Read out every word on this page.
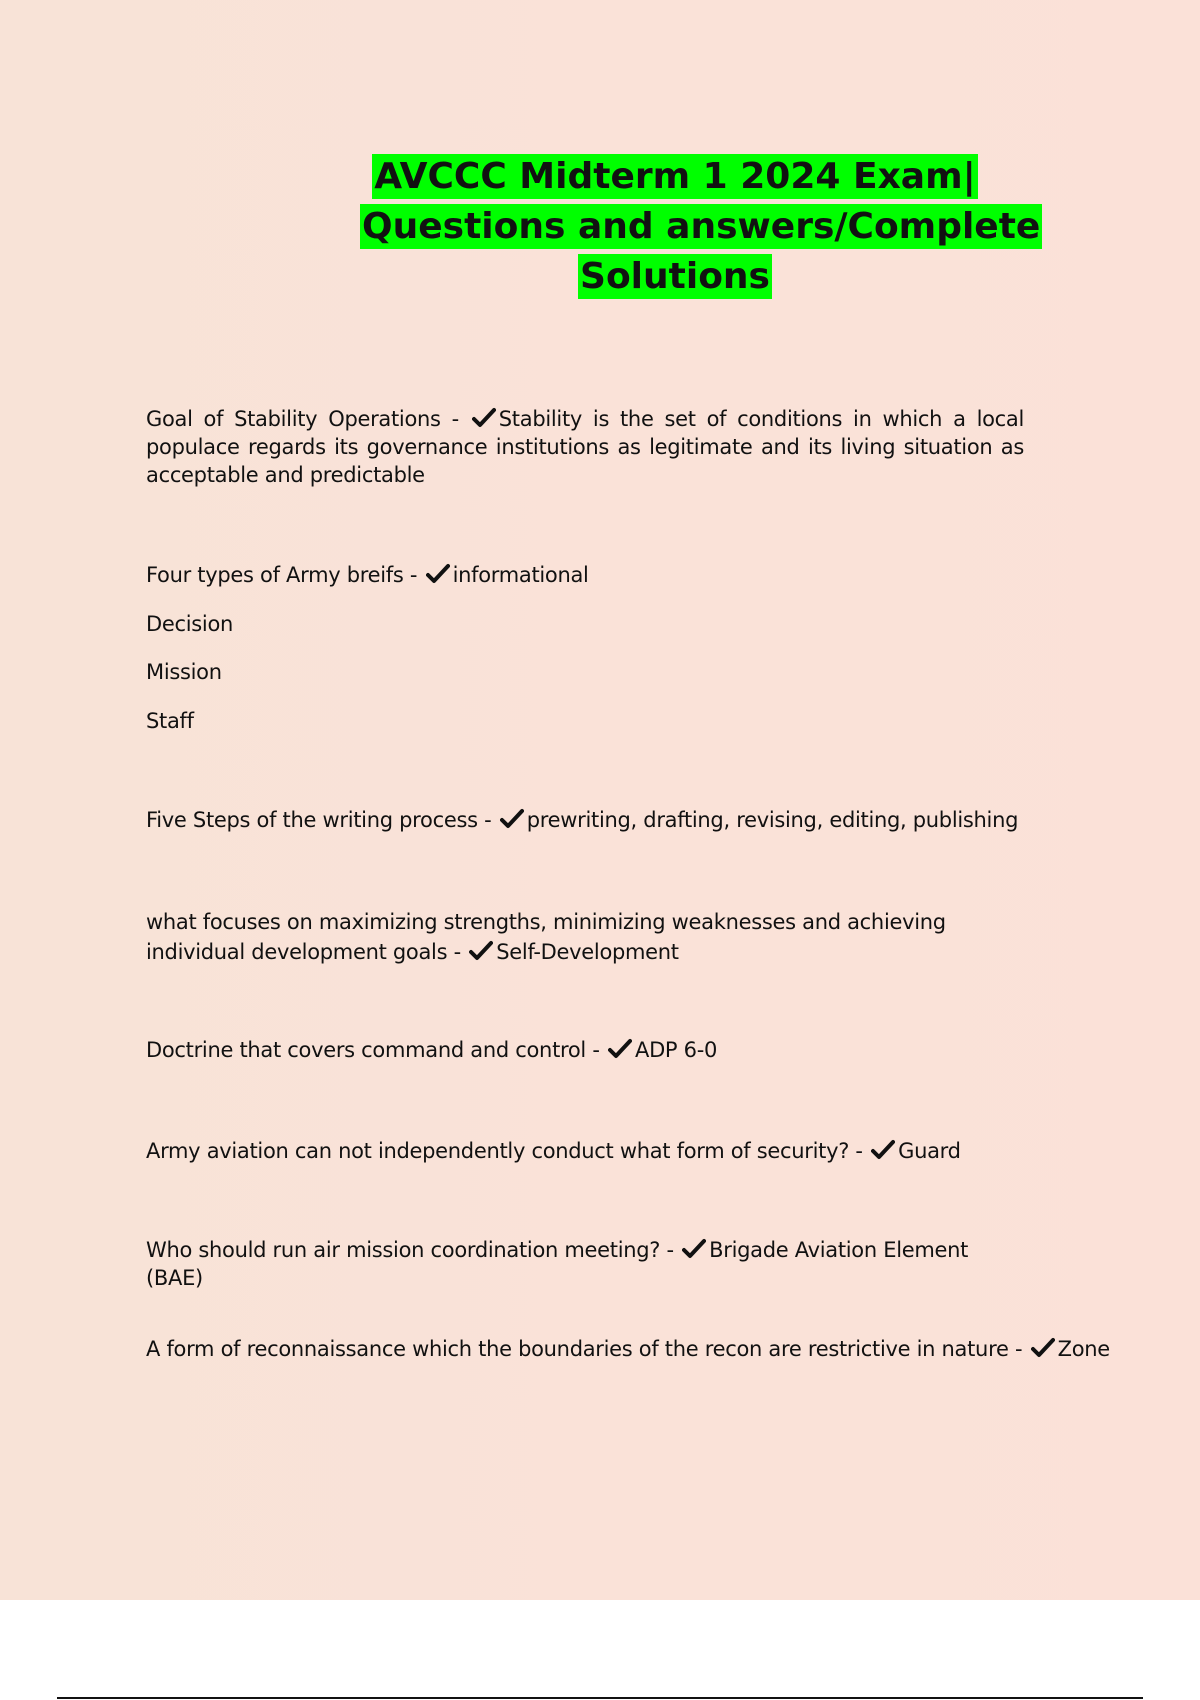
AVCCC Midterm 1 2024 Exam|
Questions and answers/Complete
Solutions
Goal of Stability Operations - Stability is the set of conditions in which a local populace regards its governance institutions as legitimate and its living situation as acceptable and predictable
Four types of Army breifs - informational
Decision
Mission
Staff
Five Steps of the writing process - prewriting, drafting, revising, editing, publishing
what focuses on maximizing strengths, minimizing weaknesses and achieving
individual development goals - Self-Development
Doctrine that covers command and control - ADP 6-0
Army aviation can not independently conduct what form of security? - Guard
Who should run air mission coordination meeting? - Brigade Aviation Element (BAE)
A form of reconnaissance which the boundaries of the recon are restrictive in nature - Zone
